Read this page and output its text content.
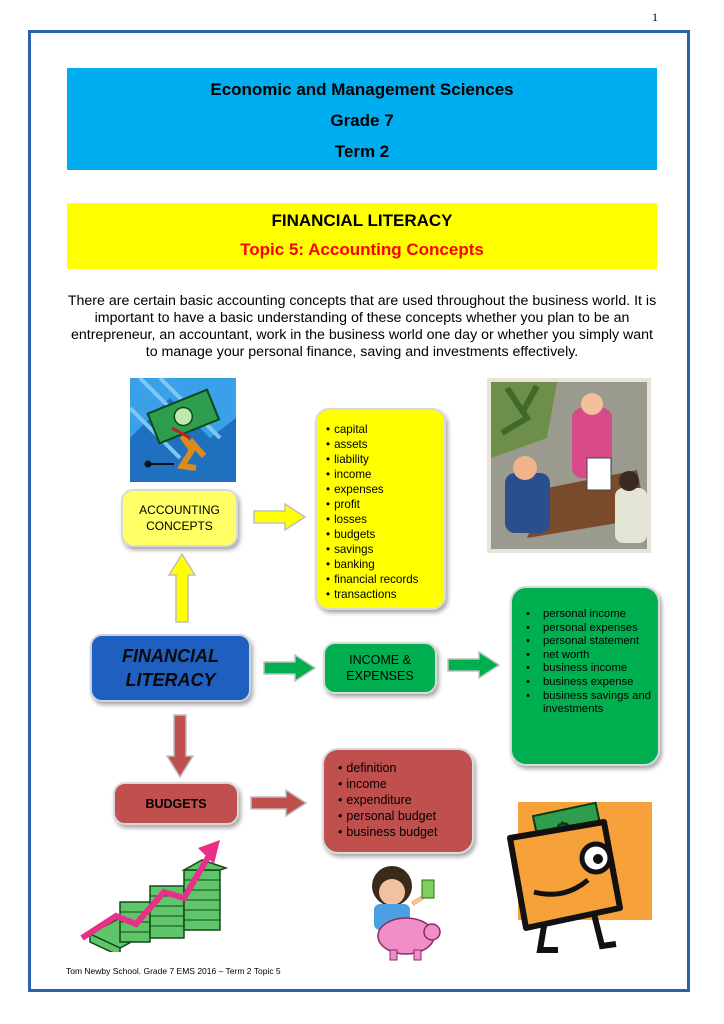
1
Economic and Management Sciences
Grade 7
Term 2
FINANCIAL LITERACY
Topic 5: Accounting Concepts
There are certain basic accounting concepts that are used throughout the business world. It is important to have a basic understanding of these concepts whether you plan to be an entrepreneur, an accountant, work in the business world one day or whether you simply want to manage your personal finance, saving and investments effectively.
ACCOUNTING
CONCEPTS
• capital
• assets
• liability
• income
• expenses
• profit
• losses
• budgets
• savings
• banking
• financial records
• transactions
FINANCIAL
LITERACY
INCOME &
EXPENSES
• personal income
• personal expenses
• personal statement
• net worth
• business income
• business expense
• business savings and investments
BUDGETS
• definition
• income
• expenditure
• personal budget
• business budget
Tom Newby School. Grade 7 EMS 2016 – Term 2 Topic 5
